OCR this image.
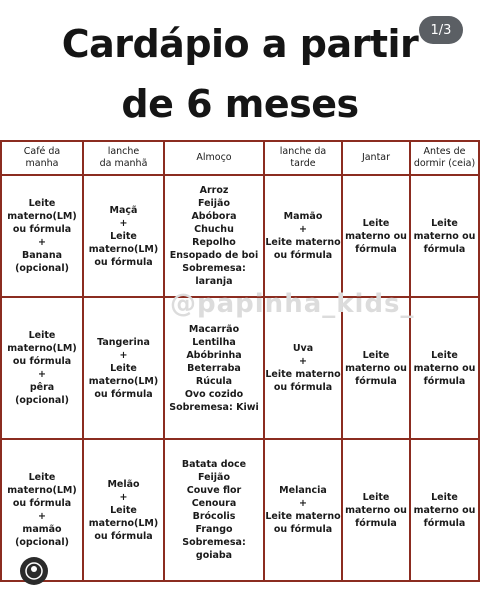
Cardápio a partir
de 6 meses
1/3
Café da
manha
lanche
da manhã
Almoço
lanche da
tarde
Jantar
Antes de
dormir (ceia)
Leite
materno(LM)
ou fórmula
+
Banana
(opcional)
Maçã
+
Leite
materno(LM)
ou fórmula
Arroz
Feijão
Abóbora
Chuchu
Repolho
Ensopado de boi
Sobremesa: laranja
Mamão
+
Leite materno
ou fórmula
Leite
materno ou
fórmula
Leite
materno ou
fórmula
Leite
materno(LM)
ou fórmula
+
pêra
(opcional)
Tangerina
+
Leite
materno(LM)
ou fórmula
Macarrão
Lentilha
Abóbrinha
Beterraba
Rúcula
Ovo cozido
Sobremesa: Kiwi
Uva
+
Leite materno
ou fórmula
Leite
materno ou
fórmula
Leite
materno ou
fórmula
Leite
materno(LM)
ou fórmula
+
mamão
(opcional)
Melão
+
Leite
materno(LM)
ou fórmula
Batata doce
Feijão
Couve flor
Cenoura
Brócolis
Frango
Sobremesa: goiaba
Melancia
+
Leite materno
ou fórmula
Leite
materno ou
fórmula
Leite
materno ou
fórmula
@papinha_kids_
